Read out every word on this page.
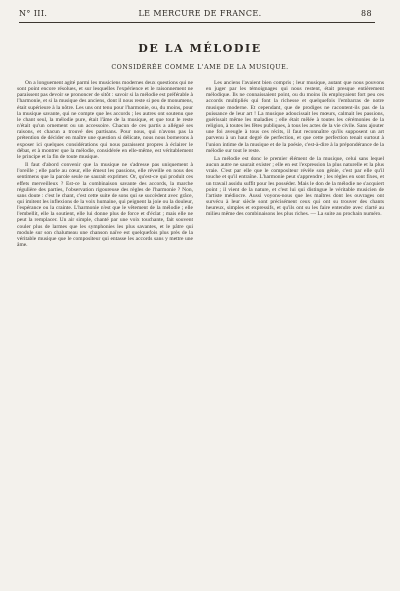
N° III.	LE MERCURE DE FRANCE.	88
DE LA MÉLODIE
CONSIDÉRÉE COMME L'AME DE LA MUSIQUE.

On a longuement agité parmi les musiciens modernes deux questions qui ne sont point encore résolues, et sur lesquelles l'expérience et le raisonnement ne paraissent pas devoir se prononcer de sitôt : savoir si la mélodie est préférable à l'harmonie, et si la musique des anciens, dont il nous reste si peu de monumens, était supérieure à la nôtre. Les uns ont tenu pour l'harmonie, ou, du moins, pour la musique savante, qui ne compte que les accords ; les autres ont soutenu que le chant seul, la mélodie pure, était l'âme de la musique, et que tout le reste n'était qu'un ornement ou un accessoire. Chacun de ces partis a allégué ses raisons, et chacun a trouvé des partisans. Pour nous, qui n'avons pas la prétention de décider en maître une question si délicate, nous nous bornerons à exposer ici quelques considérations qui nous paraissent propres à éclairer le débat, et à montrer que la mélodie, considérée en elle-même, est véritablement le principe et la fin de toute musique.

Il faut d'abord convenir que la musique ne s'adresse pas uniquement à l'oreille ; elle parle au cœur, elle émeut les passions, elle réveille en nous des sentimens que la parole seule ne saurait exprimer. Or, qu'est-ce qui produit ces effets merveilleux ? Est-ce la combinaison savante des accords, la marche régulière des parties, l'observation rigoureuse des règles de l'harmonie ? Non, sans doute : c'est le chant, c'est cette suite de sons qui se succèdent avec grâce, qui imitent les inflexions de la voix humaine, qui peignent la joie ou la douleur, l'espérance ou la crainte. L'harmonie n'est que le vêtement de la mélodie ; elle l'embellit, elle la soutient, elle lui donne plus de force et d'éclat ; mais elle ne peut la remplacer. Un air simple, chanté par une voix touchante, fait souvent couler plus de larmes que les symphonies les plus savantes, et le pâtre qui module sur son chalumeau une chanson naïve est quelquefois plus près de la véritable musique que le compositeur qui entasse les accords sans y mettre une âme.

Les anciens l'avaient bien compris ; leur musique, autant que nous pouvons en juger par les témoignages qui nous restent, était presque entièrement mélodique. Ils ne connaissaient point, ou du moins ils employaient fort peu ces accords multipliés qui font la richesse et quelquefois l'embarras de notre musique moderne. Et cependant, que de prodiges ne racontent-ils pas de la puissance de leur art ! La musique adoucissait les mœurs, calmait les passions, guérissait même les maladies ; elle était mêlée à toutes les cérémonies de la religion, à toutes les fêtes publiques, à tous les actes de la vie civile. Sans ajouter une foi aveugle à tous ces récits, il faut reconnaître qu'ils supposent un art parvenu à un haut degré de perfection, et que cette perfection tenait surtout à l'union intime de la musique et de la poésie, c'est-à-dire à la prépondérance de la mélodie sur tout le reste.

La mélodie est donc le premier élément de la musique, celui sans lequel aucun autre ne saurait exister ; elle en est l'expression la plus naturelle et la plus vraie. C'est par elle que le compositeur révèle son génie, c'est par elle qu'il touche et qu'il entraîne. L'harmonie peut s'apprendre ; les règles en sont fixes, et un travail assidu suffit pour les posséder. Mais le don de la mélodie ne s'acquiert point ; il vient de la nature, et c'est lui qui distingue le véritable musicien de l'artiste médiocre. Aussi voyons-nous que les maîtres dont les ouvrages ont survécu à leur siècle sont précisément ceux qui ont su trouver des chants heureux, simples et expressifs, et qu'ils ont su les faire entendre avec clarté au milieu même des combinaisons les plus riches. — La suite au prochain numéro.
